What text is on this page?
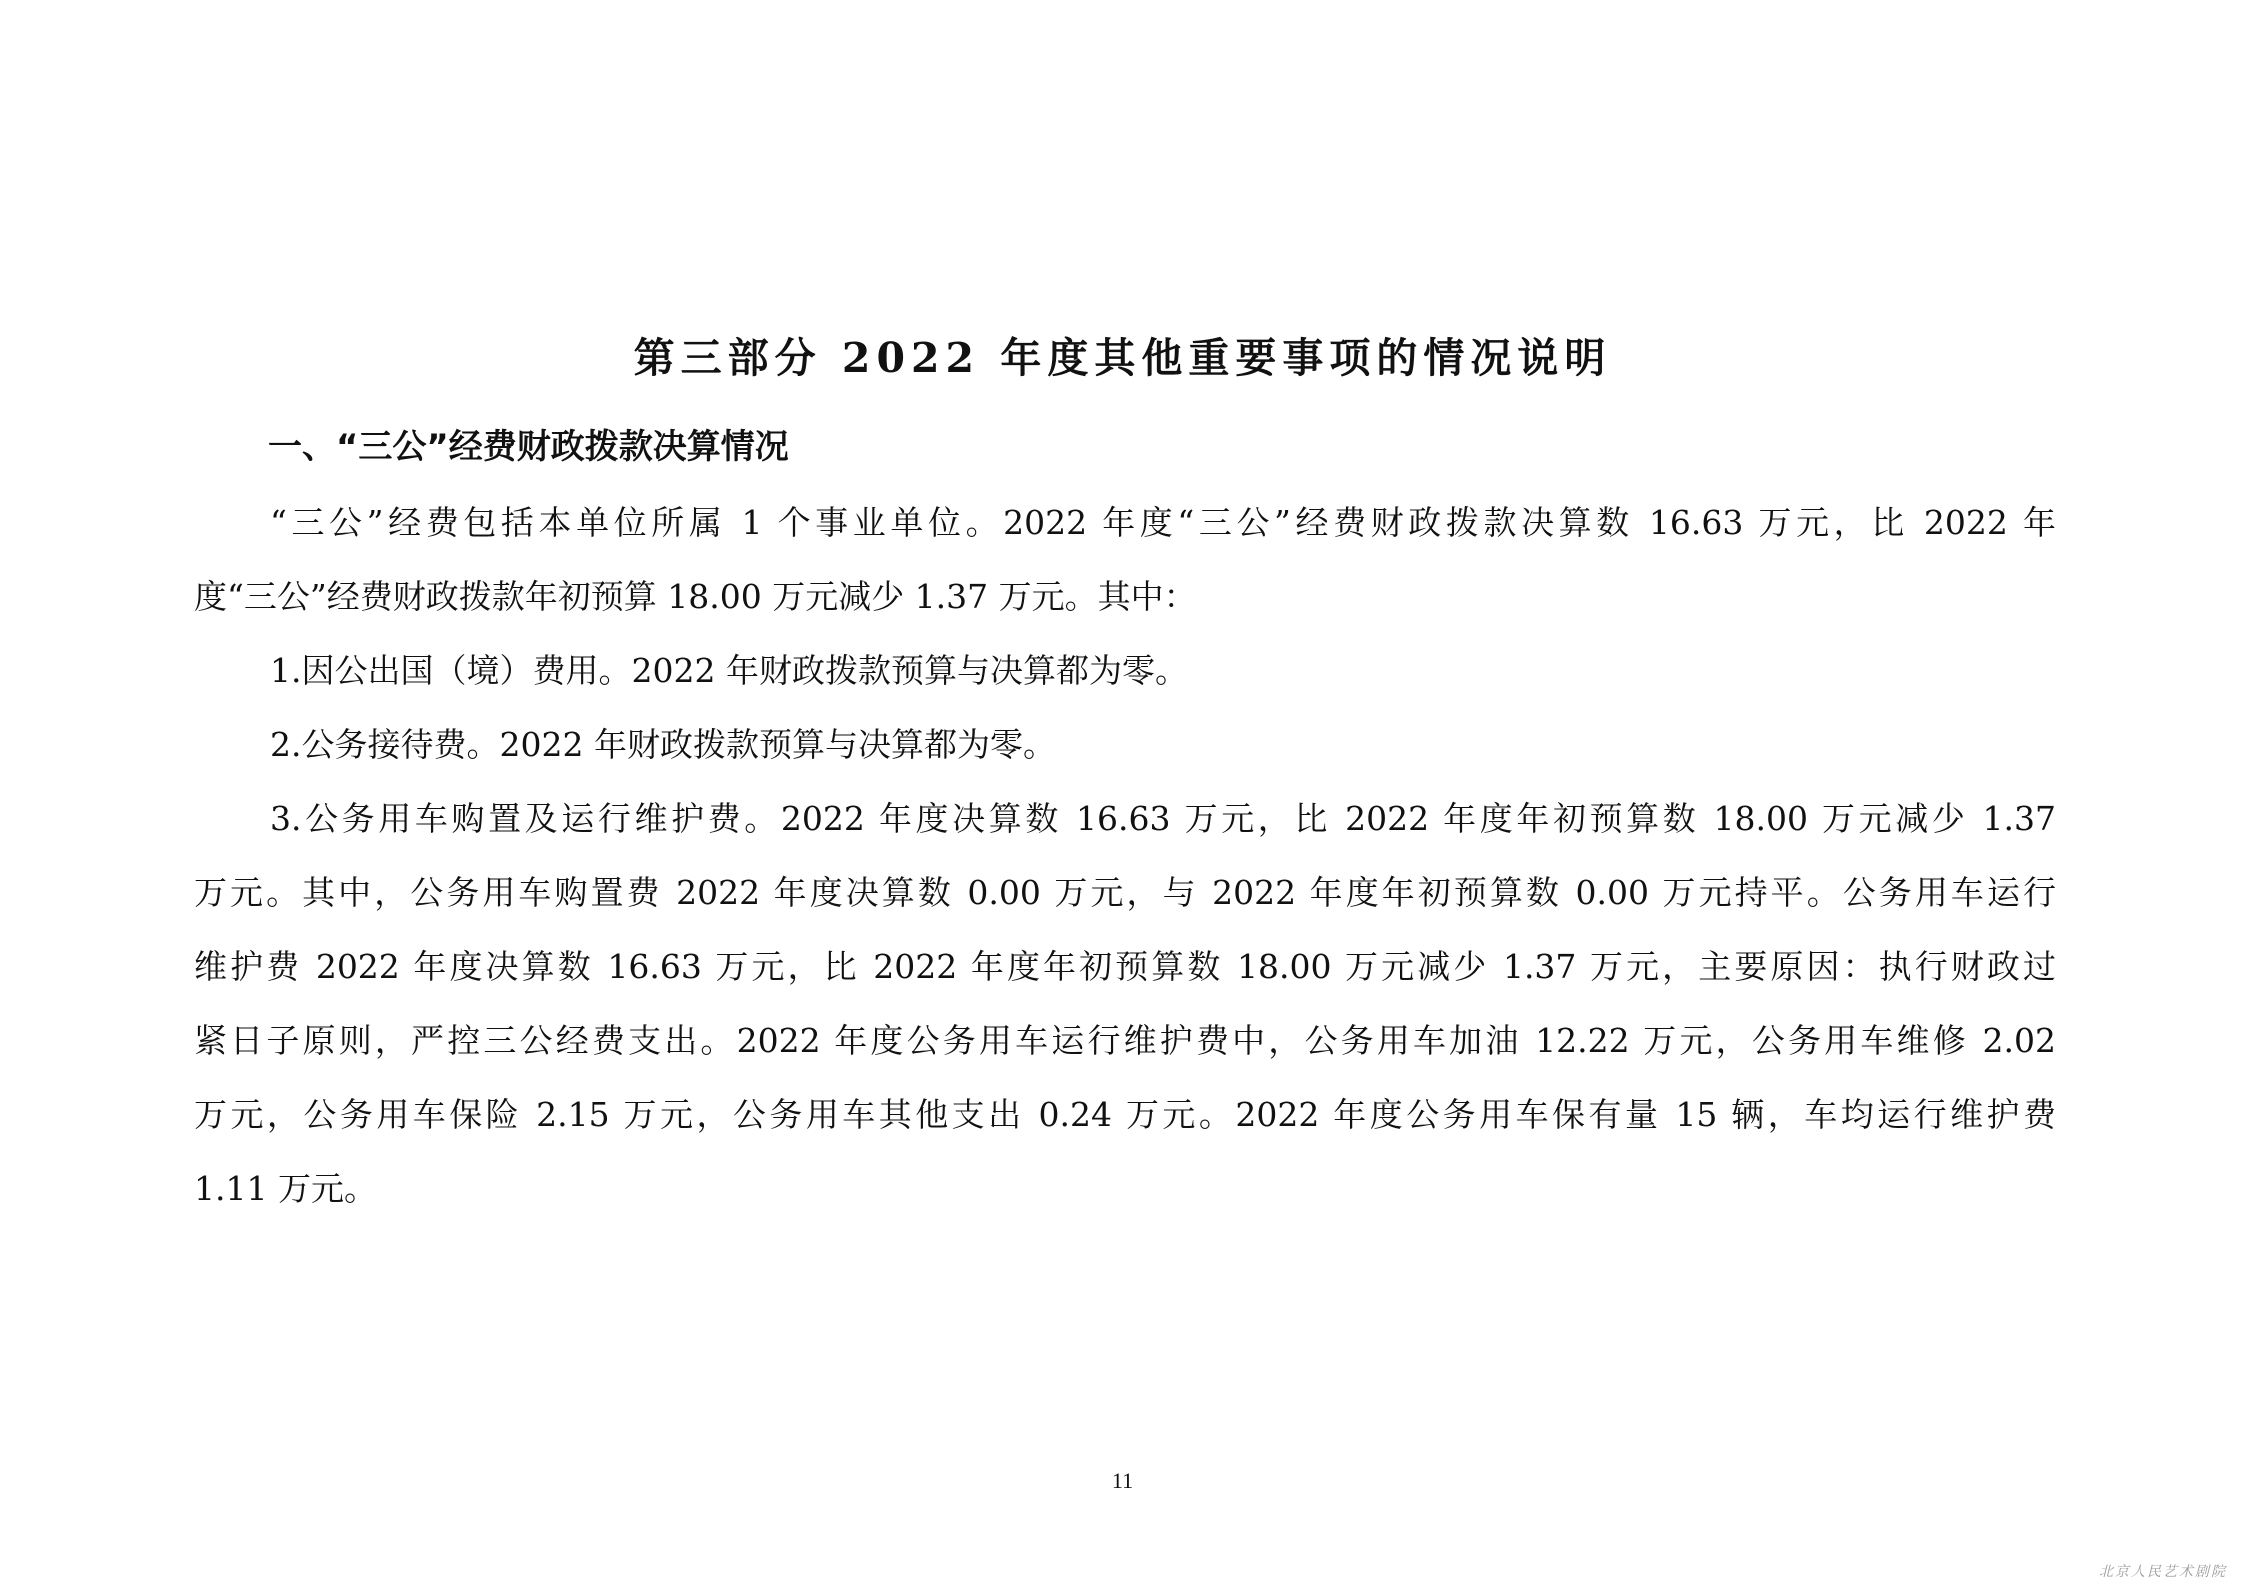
第三部分 2022 年度其他重要事项的情况说明
一、“三公”经费财政拨款决算情况
“三公”经费包括本单位所属 1 个事业单位。2022 年度“三公”经费财政拨款决算数 16.63 万元，比 2022 年
度“三公”经费财政拨款年初预算 18.00 万元减少 1.37 万元。其中：
1.因公出国（境）费用。2022 年财政拨款预算与决算都为零。
2.公务接待费。2022 年财政拨款预算与决算都为零。
3.公务用车购置及运行维护费。2022 年度决算数 16.63 万元，比 2022 年度年初预算数 18.00 万元减少 1.37
万元。其中，公务用车购置费 2022 年度决算数 0.00 万元，与 2022 年度年初预算数 0.00 万元持平。公务用车运行
维护费 2022 年度决算数 16.63 万元，比 2022 年度年初预算数 18.00 万元减少 1.37 万元，主要原因：执行财政过
紧日子原则，严控三公经费支出。2022 年度公务用车运行维护费中，公务用车加油 12.22 万元，公务用车维修 2.02
万元，公务用车保险 2.15 万元，公务用车其他支出 0.24 万元。2022 年度公务用车保有量 15 辆，车均运行维护费
1.11 万元。
11
北京人民艺术剧院
